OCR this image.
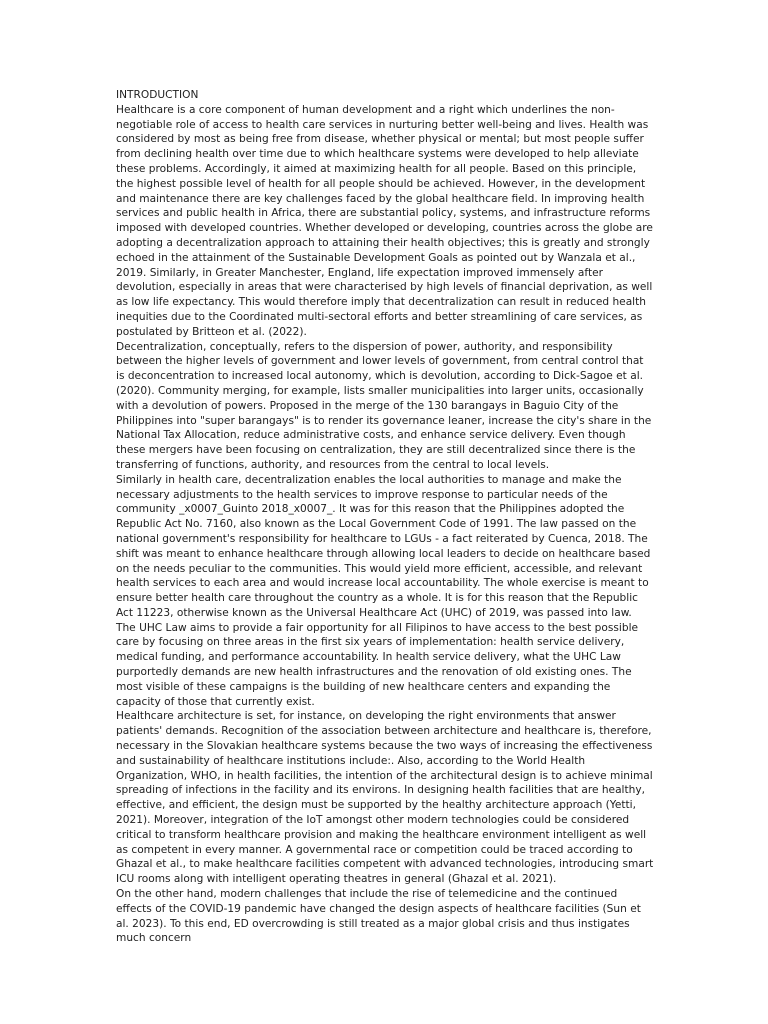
INTRODUCTION

Healthcare is a core component of human development and a right which underlines the non-negotiable role of access to health care services in nurturing better well-being and lives. Health was considered by most as being free from disease, whether physical or mental; but most people suffer from declining health over time due to which healthcare systems were developed to help alleviate these problems. Accordingly, it aimed at maximizing health for all people. Based on this principle, the highest possible level of health for all people should be achieved. However, in the development and maintenance there are key challenges faced by the global healthcare field. In improving health services and public health in Africa, there are substantial policy, systems, and infrastructure reforms imposed with developed countries. Whether developed or developing, countries across the globe are adopting a decentralization approach to attaining their health objectives; this is greatly and strongly echoed in the attainment of the Sustainable Development Goals as pointed out by Wanzala et al., 2019. Similarly, in Greater Manchester, England, life expectation improved immensely after devolution, especially in areas that were characterised by high levels of financial deprivation, as well as low life expectancy. This would therefore imply that decentralization can result in reduced health inequities due to the Coordinated multi-sectoral efforts and better streamlining of care services, as postulated by Britteon et al. (2022).

Decentralization, conceptually, refers to the dispersion of power, authority, and responsibility between the higher levels of government and lower levels of government, from central control that is deconcentration to increased local autonomy, which is devolution, according to Dick-Sagoe et al. (2020). Community merging, for example, lists smaller municipalities into larger units, occasionally with a devolution of powers. Proposed in the merge of the 130 barangays in Baguio City of the Philippines into "super barangays" is to render its governance leaner, increase the city's share in the National Tax Allocation, reduce administrative costs, and enhance service delivery. Even though these mergers have been focusing on centralization, they are still decentralized since there is the transferring of functions, authority, and resources from the central to local levels.

Similarly in health care, decentralization enables the local authorities to manage and make the necessary adjustments to the health services to improve response to particular needs of the community _x0007_Guinto 2018_x0007_. It was for this reason that the Philippines adopted the Republic Act No. 7160, also known as the Local Government Code of 1991. The law passed on the national government's responsibility for healthcare to LGUs - a fact reiterated by Cuenca, 2018. The shift was meant to enhance healthcare through allowing local leaders to decide on healthcare based on the needs peculiar to the communities. This would yield more efficient, accessible, and relevant health services to each area and would increase local accountability. The whole exercise is meant to ensure better health care throughout the country as a whole. It is for this reason that the Republic Act 11223, otherwise known as the Universal Healthcare Act (UHC) of 2019, was passed into law.

The UHC Law aims to provide a fair opportunity for all Filipinos to have access to the best possible care by focusing on three areas in the first six years of implementation: health service delivery, medical funding, and performance accountability. In health service delivery, what the UHC Law purportedly demands are new health infrastructures and the renovation of old existing ones. The most visible of these campaigns is the building of new healthcare centers and expanding the capacity of those that currently exist.

Healthcare architecture is set, for instance, on developing the right environments that answer patients' demands. Recognition of the association between architecture and healthcare is, therefore, necessary in the Slovakian healthcare systems because the two ways of increasing the effectiveness and sustainability of healthcare institutions include:. Also, according to the World Health Organization, WHO, in health facilities, the intention of the architectural design is to achieve minimal spreading of infections in the facility and its environs. In designing health facilities that are healthy, effective, and efficient, the design must be supported by the healthy architecture approach (Yetti, 2021). Moreover, integration of the IoT amongst other modern technologies could be considered critical to transform healthcare provision and making the healthcare environment intelligent as well as competent in every manner. A governmental race or competition could be traced according to Ghazal et al., to make healthcare facilities competent with advanced technologies, introducing smart ICU rooms along with intelligent operating theatres in general (Ghazal et al. 2021).

On the other hand, modern challenges that include the rise of telemedicine and the continued effects of the COVID-19 pandemic have changed the design aspects of healthcare facilities (Sun et al. 2023). To this end, ED overcrowding is still treated as a major global crisis and thus instigates much concern
